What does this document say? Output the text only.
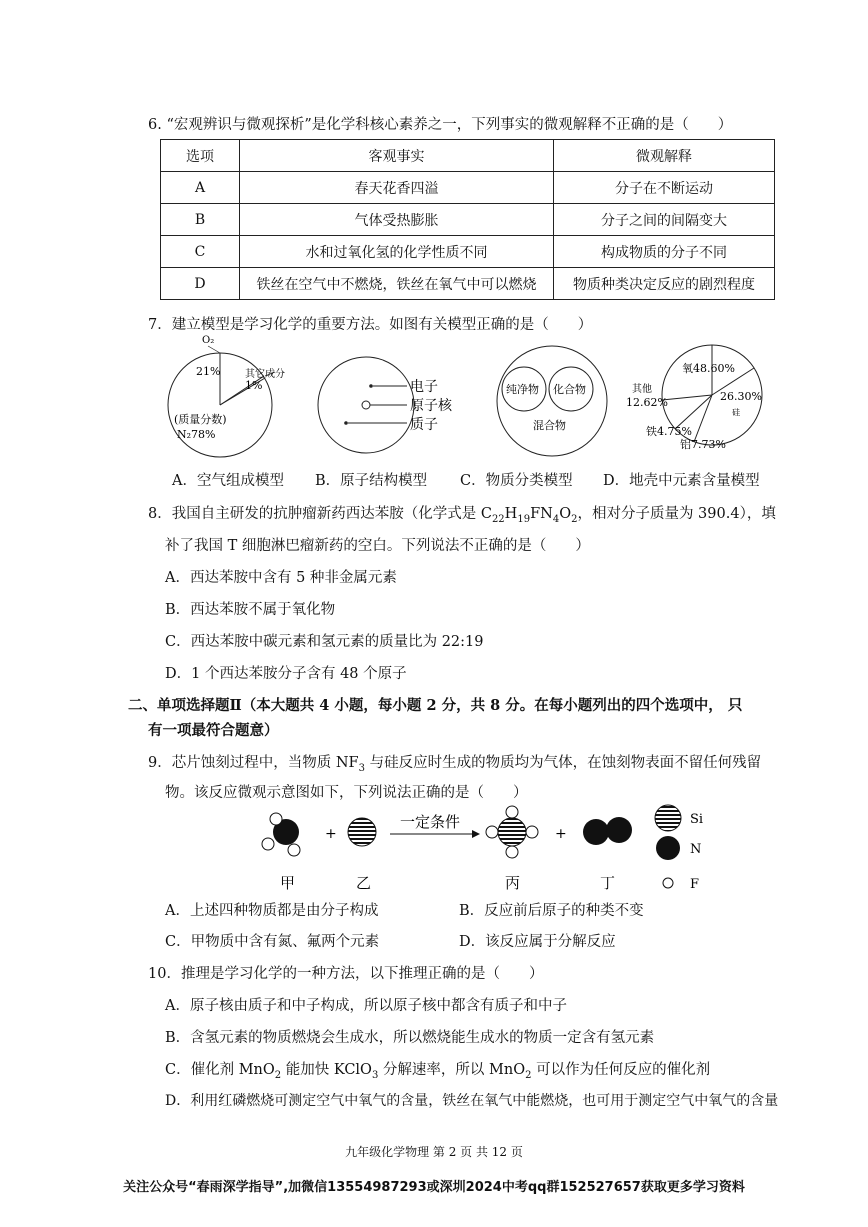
6. “宏观辨识与微观探析”是化学科核心素养之一，下列事实的微观解释不正确的是（　　）
选项	客观事实	微观解释
A	春天花香四溢	分子在不断运动
B	气体受热膨胀	分子之间的间隔变大
C	水和过氧化氢的化学性质不同	构成物质的分子不同
D	铁丝在空气中不燃烧，铁丝在氧气中可以燃烧	物质种类决定反应的剧烈程度
7．建立模型是学习化学的重要方法。如图有关模型正确的是（　　）
O₂
21% 其它成分
1%
(质量分数)
N₂78%
电子
原子核
质子
纯净物 化合物
混合物
氧48.60%
其他
12.62%	26.30%
硅
铁4.75%
铝7.73%
A．空气组成模型 B．原子结构模型 C．物质分类模型 D．地壳中元素含量模型
8．我国自主研发的抗肿瘤新药西达苯胺（化学式是 $C_{22}H_{19}FN_4O_2$，相对分子质量为 390.4），填
补了我国 T 细胞淋巴瘤新药的空白。下列说法不正确的是（　　）
A．西达苯胺中含有 5 种非金属元素
B．西达苯胺不属于氧化物
C．西达苯胺中碳元素和氢元素的质量比为 22:19
D．1 个西达苯胺分子含有 48 个原子
二、单项选择题Ⅱ（本大题共 4 小题，每小题 2 分，共 8 分。在每小题列出的四个选项中， 只
有一项最符合题意）
9．芯片蚀刻过程中，当物质 $NF_3$ 与硅反应时生成的物质均为气体，在蚀刻物表面不留任何残留
物。该反应微观示意图如下，下列说法正确的是（　　）
+
一定条件
+
Si
N
F
甲	乙	丙	丁
A．上述四种物质都是由分子构成	B．反应前后原子的种类不变
C．甲物质中含有氮、氟两个元素	D．该反应属于分解反应
10．推理是学习化学的一种方法，以下推理正确的是（　　）
A．原子核由质子和中子构成，所以原子核中都含有质子和中子
B．含氢元素的物质燃烧会生成水，所以燃烧能生成水的物质一定含有氢元素
C．催化剂 MnO$_2$ 能加快 KClO$_3$ 分解速率，所以 MnO$_2$ 可以作为任何反应的催化剂
D．利用红磷燃烧可测定空气中氧气的含量，铁丝在氧气中能燃烧，也可用于测定空气中氧气的含量
九年级化学物理 第 2 页 共 12 页
关注公众号“春雨深学指导”,加微信13554987293或深圳2024中考qq群152527657获取更多学习资料
